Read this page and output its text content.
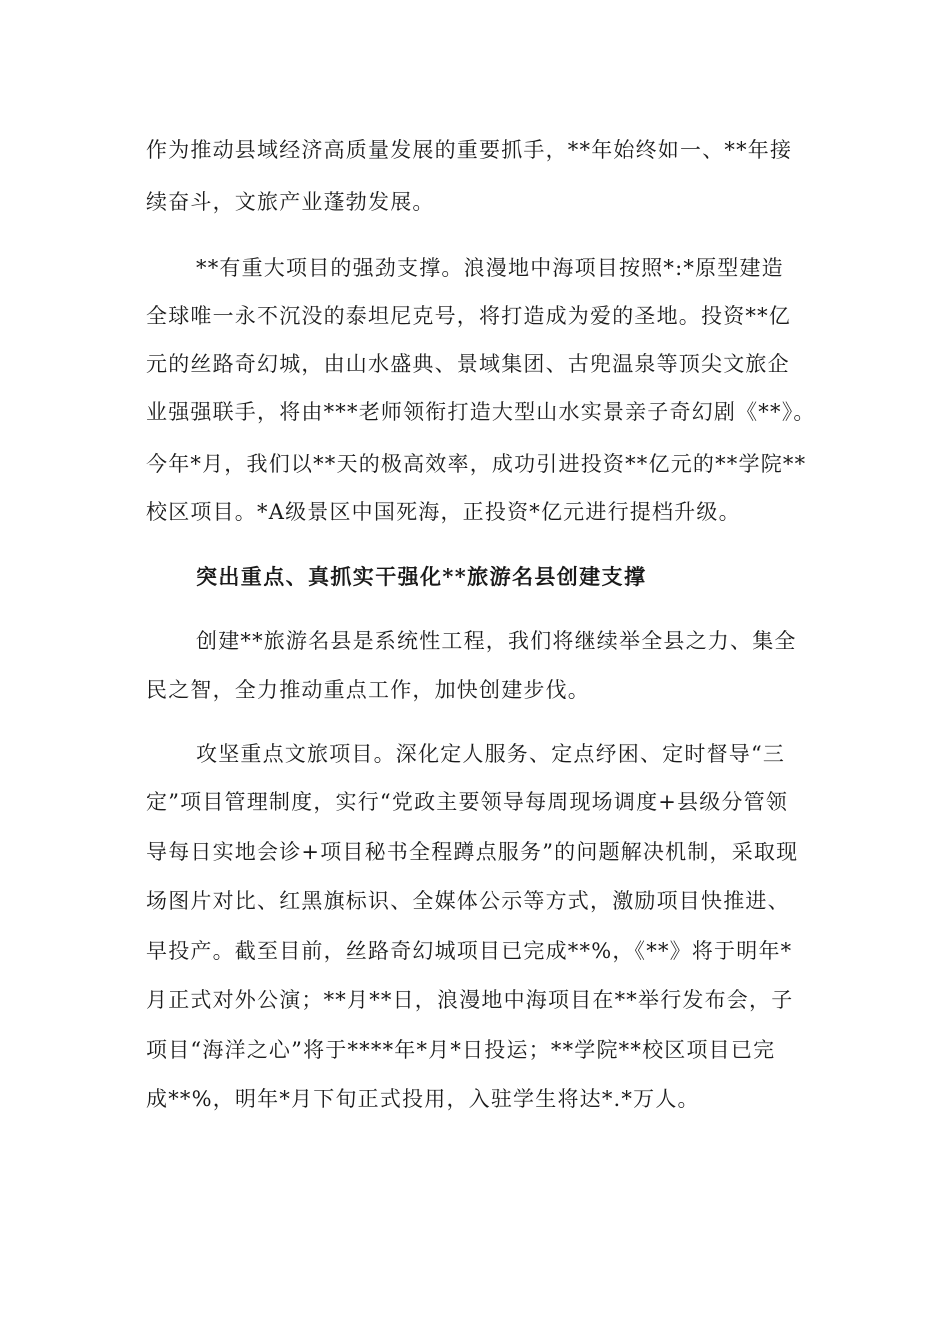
作为推动县域经济高质量发展的重要抓手，**年始终如一、**年接
续奋斗，文旅产业蓬勃发展。
**有重大项目的强劲支撑。浪漫地中海项目按照*:*原型建造
全球唯一永不沉没的泰坦尼克号，将打造成为爱的圣地。投资**亿
元的丝路奇幻城，由山水盛典、景域集团、古兜温泉等顶尖文旅企
业强强联手，将由***老师领衔打造大型山水实景亲子奇幻剧《**》。
今年*月，我们以**天的极高效率，成功引进投资**亿元的**学院**
校区项目。*A级景区中国死海，正投资*亿元进行提档升级。
突出重点、真抓实干强化**旅游名县创建支撑
创建**旅游名县是系统性工程，我们将继续举全县之力、集全
民之智，全力推动重点工作，加快创建步伐。
攻坚重点文旅项目。深化定人服务、定点纾困、定时督导“三
定”项目管理制度，实行“党政主要领导每周现场调度+县级分管领
导每日实地会诊+项目秘书全程蹲点服务”的问题解决机制，采取现
场图片对比、红黑旗标识、全媒体公示等方式，激励项目快推进、
早投产。截至目前，丝路奇幻城项目已完成**%，《**》将于明年*
月正式对外公演；**月**日，浪漫地中海项目在**举行发布会，子
项目“海洋之心”将于****年*月*日投运；**学院**校区项目已完
成**%，明年*月下旬正式投用，入驻学生将达*.*万人。
